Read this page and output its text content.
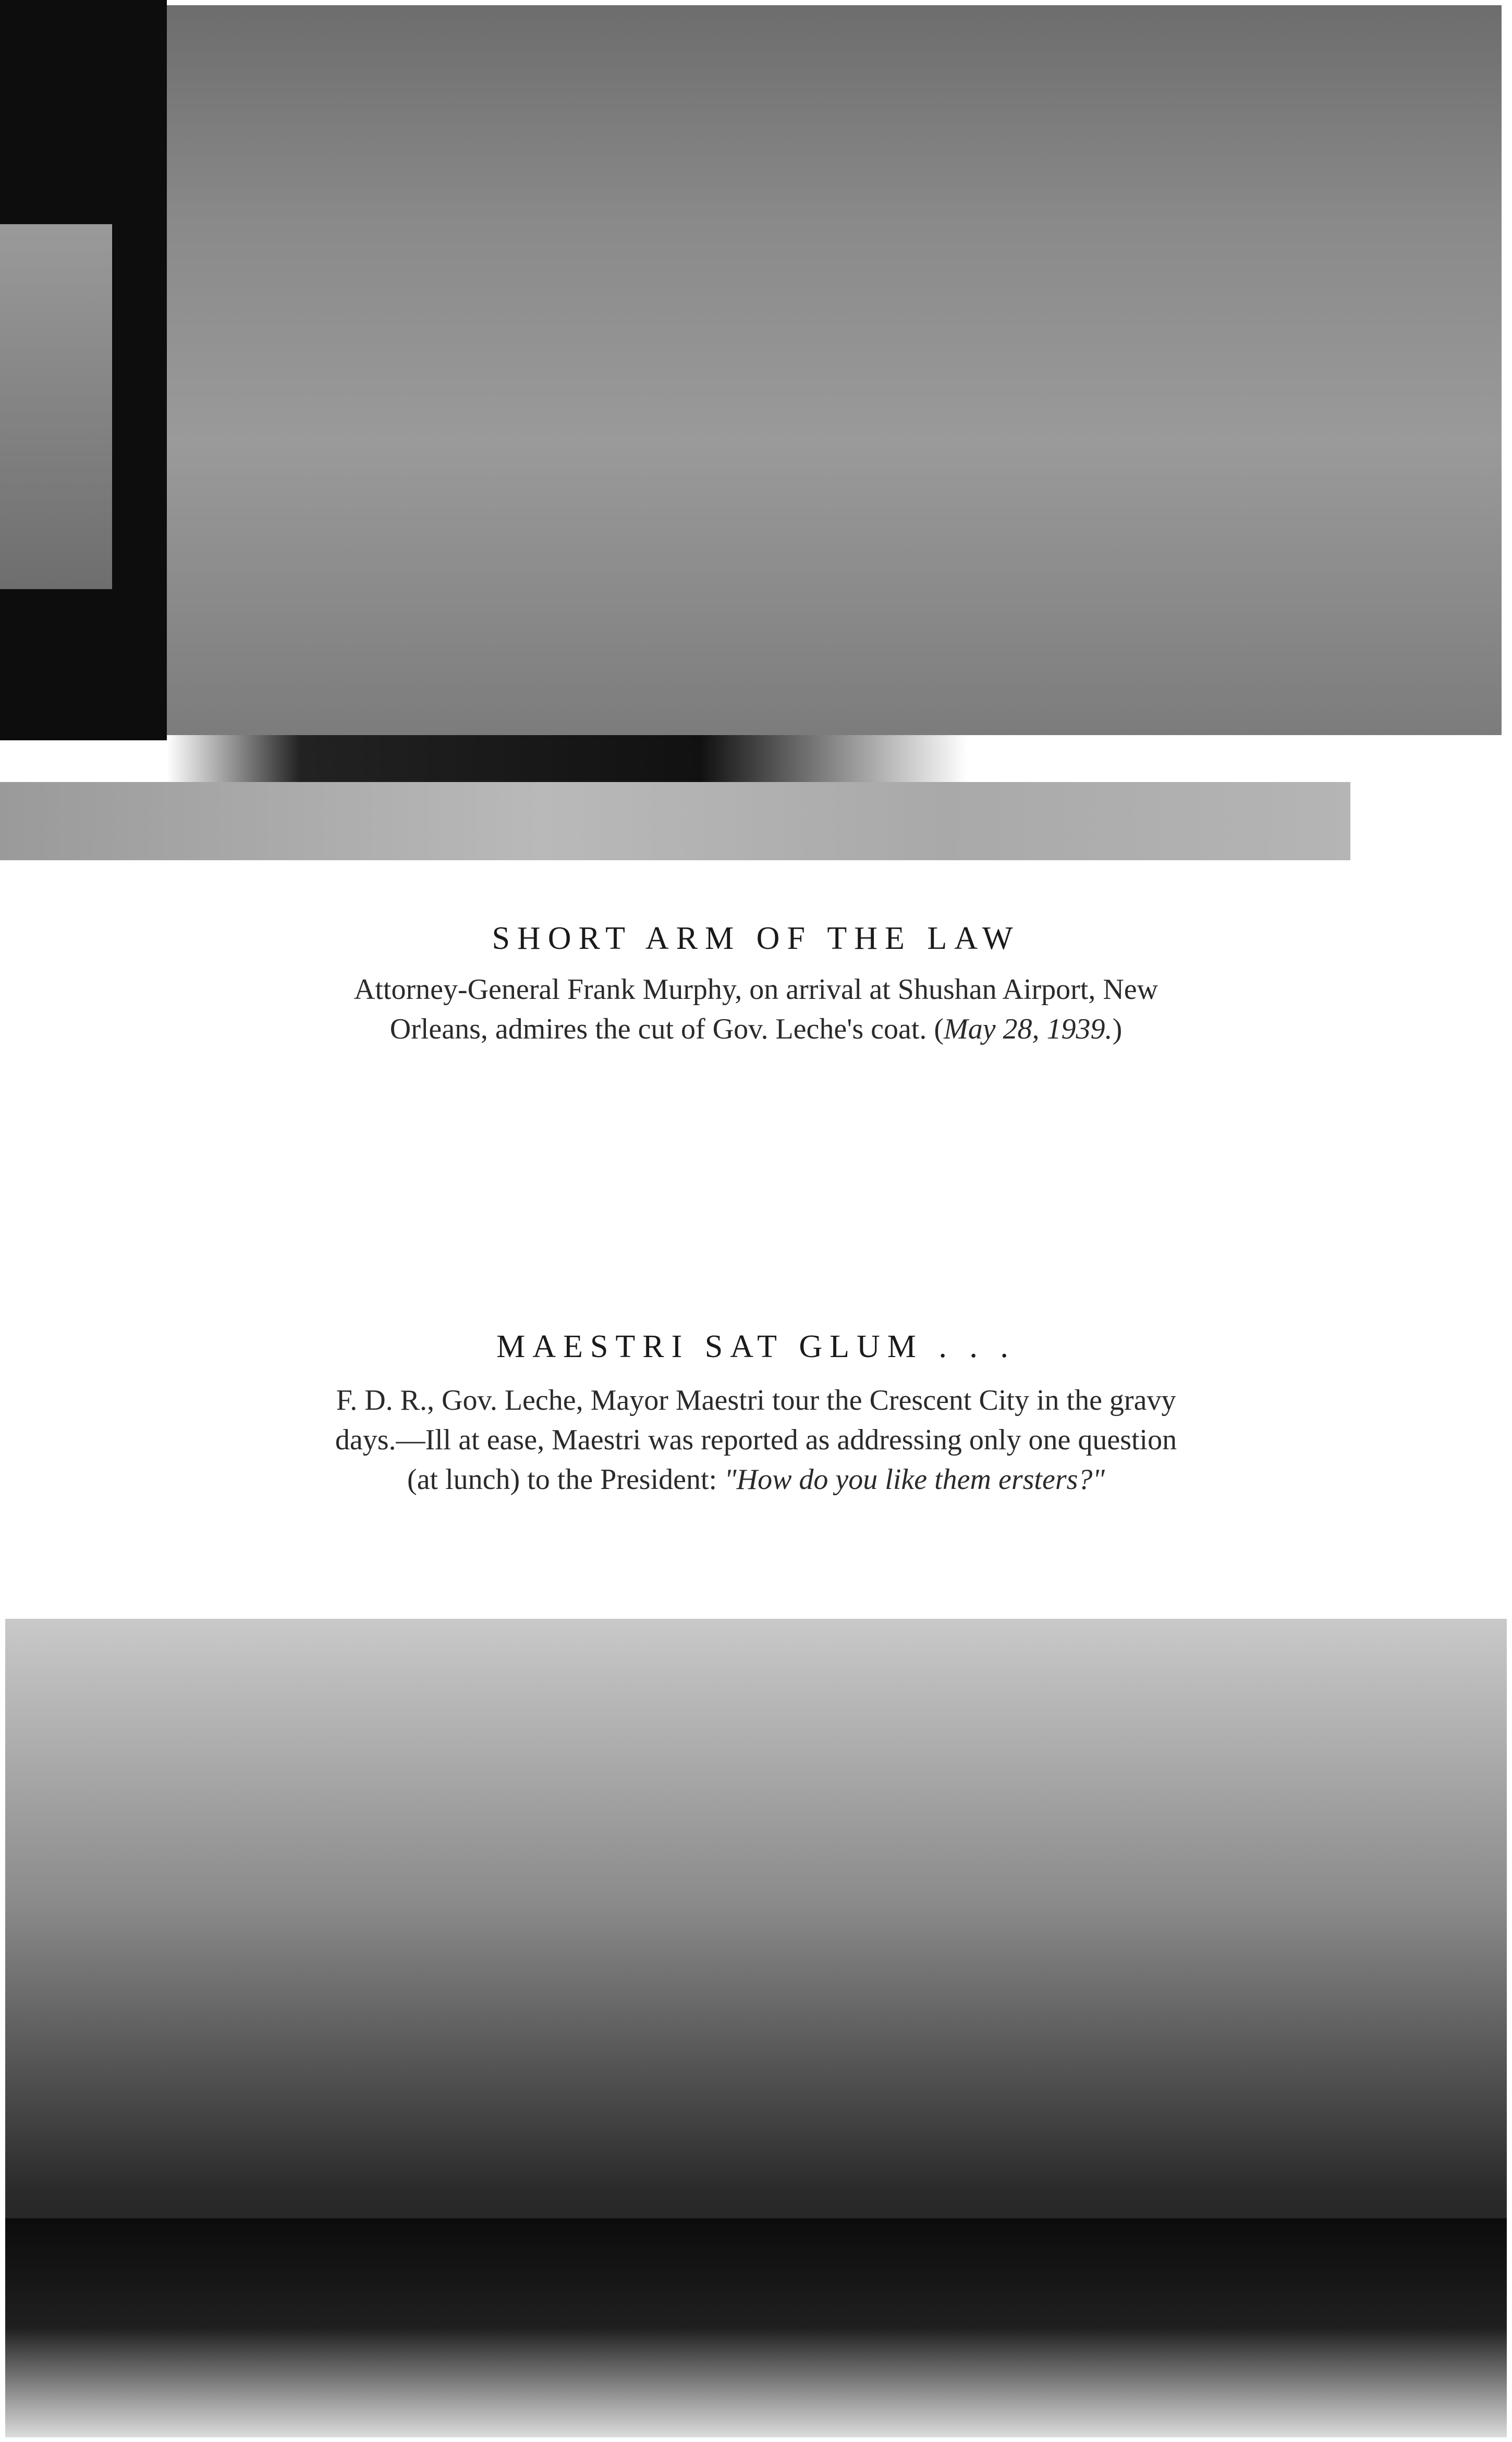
SHORT ARM OF THE LAW
Attorney-General Frank Murphy, on arrival at Shushan Airport, New
Orleans, admires the cut of Gov. Leche's coat. (May 28, 1939.)
MAESTRI SAT GLUM . . .
F. D. R., Gov. Leche, Mayor Maestri tour the Crescent City in the gravy
days.—Ill at ease, Maestri was reported as addressing only one question
(at lunch) to the President: "How do you like them ersters?"
